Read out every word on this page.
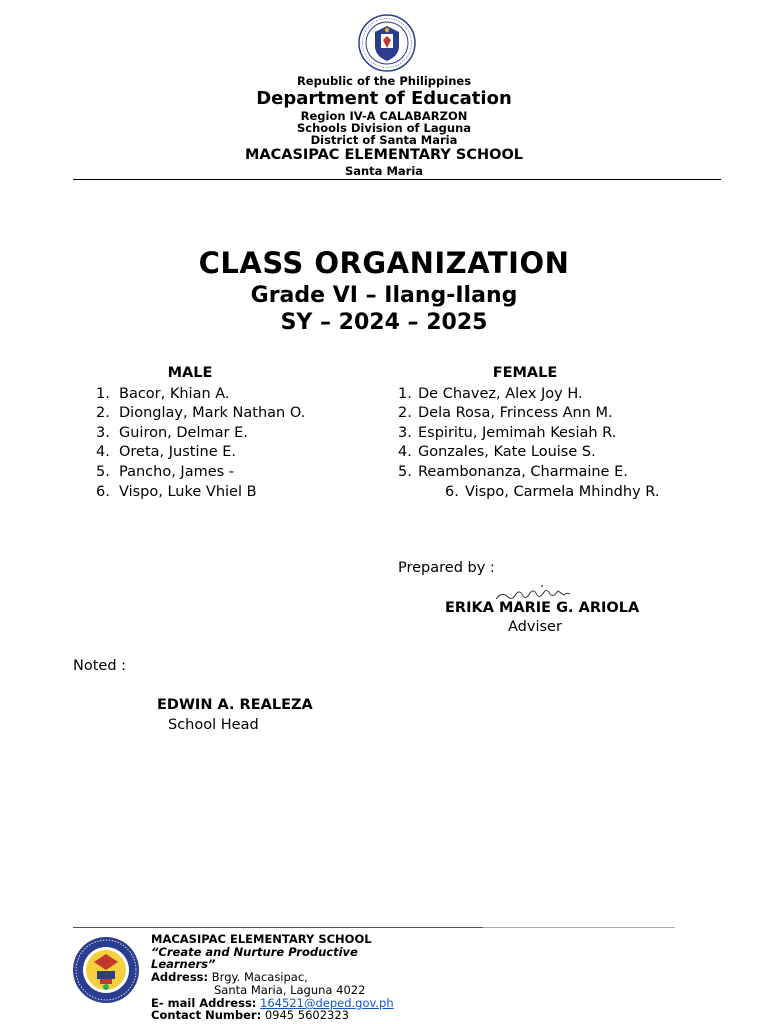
Republic of the Philippines
Department of Education
Region IV-A CALABARZON
Schools Division of Laguna
District of Santa Maria
MACASIPAC ELEMENTARY SCHOOL
Santa Maria
CLASS ORGANIZATION
Grade VI – Ilang-Ilang
SY – 2024 – 2025
MALE	FEMALE
1. Bacor, Khian A.
2. Dionglay, Mark Nathan O.
3. Guiron, Delmar E.
4. Oreta, Justine E.
5. Pancho, James -
6. Vispo, Luke Vhiel B
1. De Chavez, Alex Joy H.
2. Dela Rosa, Frincess Ann M.
3. Espiritu, Jemimah Kesiah R.
4. Gonzales, Kate Louise S.
5. Reambonanza, Charmaine E.
6. Vispo, Carmela Mhindhy R.
Prepared by :
ERIKA MARIE G. ARIOLA
Adviser
Noted :
EDWIN A. REALEZA
School Head
MACASIPAC ELEMENTARY SCHOOL
“Create and Nurture Productive
Learners”
Address: Brgy. Macasipac,
Santa Maria, Laguna 4022
E- mail Address: 164521@deped.gov.ph
Contact Number: 0945 5602323
